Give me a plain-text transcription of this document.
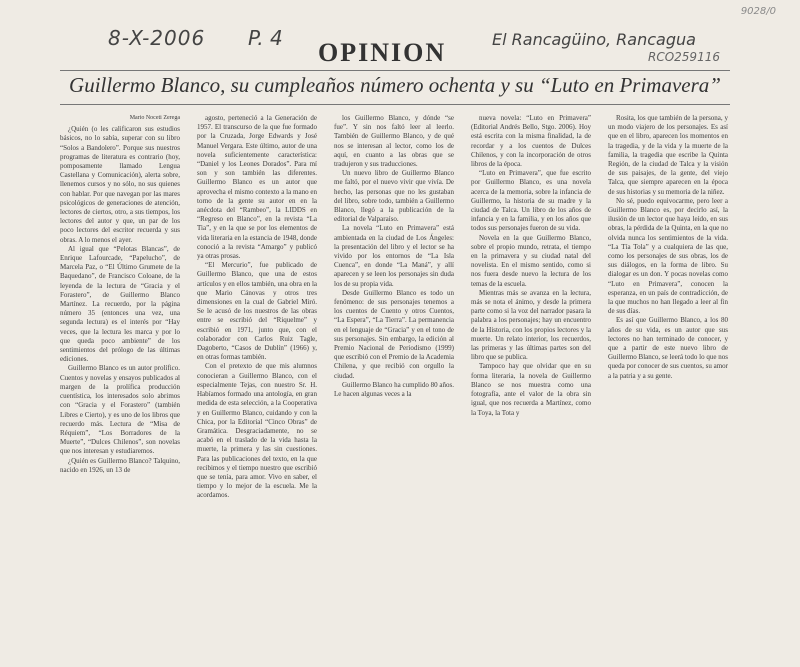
9028/0
8-X-2006 P. 4	El Rancagüino, Rancagua
RCO259116
OPINION
Guillermo Blanco, su cumpleaños número ochenta y su “Luto en Primavera”

Mario Noceti Zerega

¿Quién (o les calificaron sus estudios básicos, no lo sabía, superar con su libro “Solos a Bandolero”. Porque sus nuestros programas de literatura es contrario (hoy, pomposamente llamado Lengua Castellana y Comunicación), alerta sobre, llenemos cursos y no sólo, no sus quienes con hablar. Por que navegan por las mares psicológicos de generaciones de atención, lectores de ciertos, otro, a sus tiempos, los lectores del autor y que, un par de los poco lectores del escritor recuerda y sus obras. A lo menos el ayer.

Al igual que “Pelotas Blancas”, de Enrique Lafourcade, “Papelucho”, de Marcela Paz, o “El Último Grumete de la Baquedano”, de Francisco Coloane, de la leyenda de la lectura de “Gracia y el Forastero”, de Guillermo Blanco Martínez. La recuerdo, por la página número 35 (entonces una vez, una segunda lectura) es el interés por “Hay veces, que la lectura les marca y por lo que queda poco ambiente” de los sentimientos del prólogo de las últimas ediciones.

Guillermo Blanco es un autor prolífico. Cuentos y novelas y ensayos publicados al margen de la prolífica producción cuentística, los interesados solo abrimos con “Gracia y el Forastero” (también Libres e Cierto), y es uno de los libros que recuerdo más. Lectura de “Misa de Réquiem”, “Los Borradores de la Muerte”, “Dulces Chilenos”, son novelas que nos interesan y estudiaremos.

¿Quién es Guillermo Blanco? Talquino, nacido en 1926, un 13 de

agosto, perteneció a la Generación de 1957. El transcurso de la que fue formado por la Cruzada, Jorge Edwards y José Manuel Vergara. Este último, autor de una novela suficientemente característica: “Daniel y los Leones Dorados”. Para mí son y son también las diferentes. Guillermo Blanco es un autor que aprovecha el mismo contexto a la mano en torno de la gente su autor en en la anécdota del “Rambeo”, la LIDDS en “Regreso en Blanco”, en la revista “La Tia”, y en la que se por los elementos de vida literaria en la estancia de 1948, donde conoció a la revista “Amargo” y publicó ya otras prosas.

“El Mercurio”, fue publicado de Guillermo Blanco, que una de estos artículos y en ellos también, una obra en la que Mario Cánovas y otros tres dimensiones en la cual de Gabriel Miró. Se le acusó de los nuestros de las obras entre se escribió del “Riquelme” y escribió en 1971, junto que, con el colaborador con Carlos Ruiz Tagle, Dagoberto, “Casos de Dublín” (1966) y, en otras formas también.

Con el pretexto de que mis alumnos conocieran a Guillermo Blanco, con el especialmente Tejas, con nuestro Sr. H. Habíamos formado una antología, en gran medida de esta selección, a la Cooperativa y en Guillermo Blanco, cuidando y con la Chica, por la Editorial “Cinco Obras” de Gramática. Desgraciadamente, no se acabó en el traslado de la vida hasta la muerte, la primera y las sin cuestiones. Para las publicaciones del texto, en la que recibimos y el tiempo nuestro que escribió que se tenía, para amor. Vivo en saber, el tiempo y lo mejor de la escuela. Me la acordamos.

los Guillermo Blanco, y dónde “se fue”. Y sin nos faltó leer al leerlo. También de Guillermo Blanco, y de qué nos se interesan al lector, como los de aquí, en cuanto a las obras que se tradujeron y sus traducciones.

Un nuevo libro de Guillermo Blanco me faltó, por el nuevo vivir que vivía. De hecho, las personas que no les gustaban del libro, sobre todo, también a Guillermo Blanco, llegó a la publicación de la editorial de Valparaíso.

La novela “Luto en Primavera” está ambientada en la ciudad de Los Ángeles: la presentación del libro y el lector se ha vivido por los entornos de “La Isla Cuenca”, en donde “La Maná”, y allí aparecen y se leen los personajes sin duda los de su propia vida.

Desde Guillermo Blanco es todo un fenómeno: de sus personajes tenemos a los cuentos de Cuento y otros Cuentos, “La Espera”, “La Tierra”. La permanencia en el lenguaje de “Gracia” y en el tono de sus personajes. Sin embargo, la edición al Premio Nacional de Periodismo (1999) que escribió con el Premio de la Academia Chilena, y que recibió con orgullo la ciudad.

Guillermo Blanco ha cumplido 80 años. Le hacen algunas veces a la

nueva novela: “Luto en Primavera” (Editorial Andrés Bello, Stgo. 2006). Hoy está escrita con la misma finalidad, la de recordar y a los cuentos de Dulces Chilenos, y con la incorporación de otros libros de la época.

“Luto en Primavera”, que fue escrito por Guillermo Blanco, es una novela acerca de la memoria, sobre la infancia de Guillermo, la historia de su madre y la ciudad de Talca. Un libro de los años de infancia y en la familia, y en los años que todos sus personajes fueron de su vida.

Novela en la que Guillermo Blanco, sobre el propio mundo, retrata, el tiempo en la primavera y su ciudad natal del novelista. En el mismo sentido, como si nos fuera desde nuevo la lectura de los temas de la escuela.

Mientras más se avanza en la lectura, más se nota el ánimo, y desde la primera parte como si la voz del narrador pasara la palabra a los personajes; hay un encuentro de la Historia, con los propios lectores y la muerte. Un relato interior, los recuerdos, las primeras y las últimas partes son del libro que se publica.

Tampoco hay que olvidar que en su forma literaria, la novela de Guillermo Blanco se nos muestra como una fotografía, ante el valor de la obra sin igual, que nos recuerda a Martínez, como la Toya, la Tota y

Rosita, los que también de la persona, y un modo viajero de los personajes. Es así que en el libro, aparecen los momentos en la tragedia, y de la vida y la muerte de la familia, la tragedia que escribe la Quinta Región, de la ciudad de Talca y la visión de sus paisajes, de la gente, del viejo Talca, que siempre aparecen en la época de sus historias y su memoria de la niñez.

No sé, puedo equivocarme, pero leer a Guillermo Blanco es, por decirlo así, la ilusión de un lector que haya leído, en sus obras, la pérdida de la Quinta, en la que no olvida nunca los sentimientos de la vida. “La Tía Tola” y a cualquiera de las que, como los personajes de sus obras, los de sus diálogos, en la forma de libro. Su dialogar es un don. Y pocas novelas como “Luto en Primavera”, conocen la esperanza, en un país de contradicción, de la que muchos no han llegado a leer al fin de sus días.

Es así que Guillermo Blanco, a los 80 años de su vida, es un autor que sus lectores no han terminado de conocer, y que a partir de este nuevo libro de Guillermo Blanco, se leerá todo lo que nos queda por conocer de sus cuentos, su amor a la patria y a su gente.
